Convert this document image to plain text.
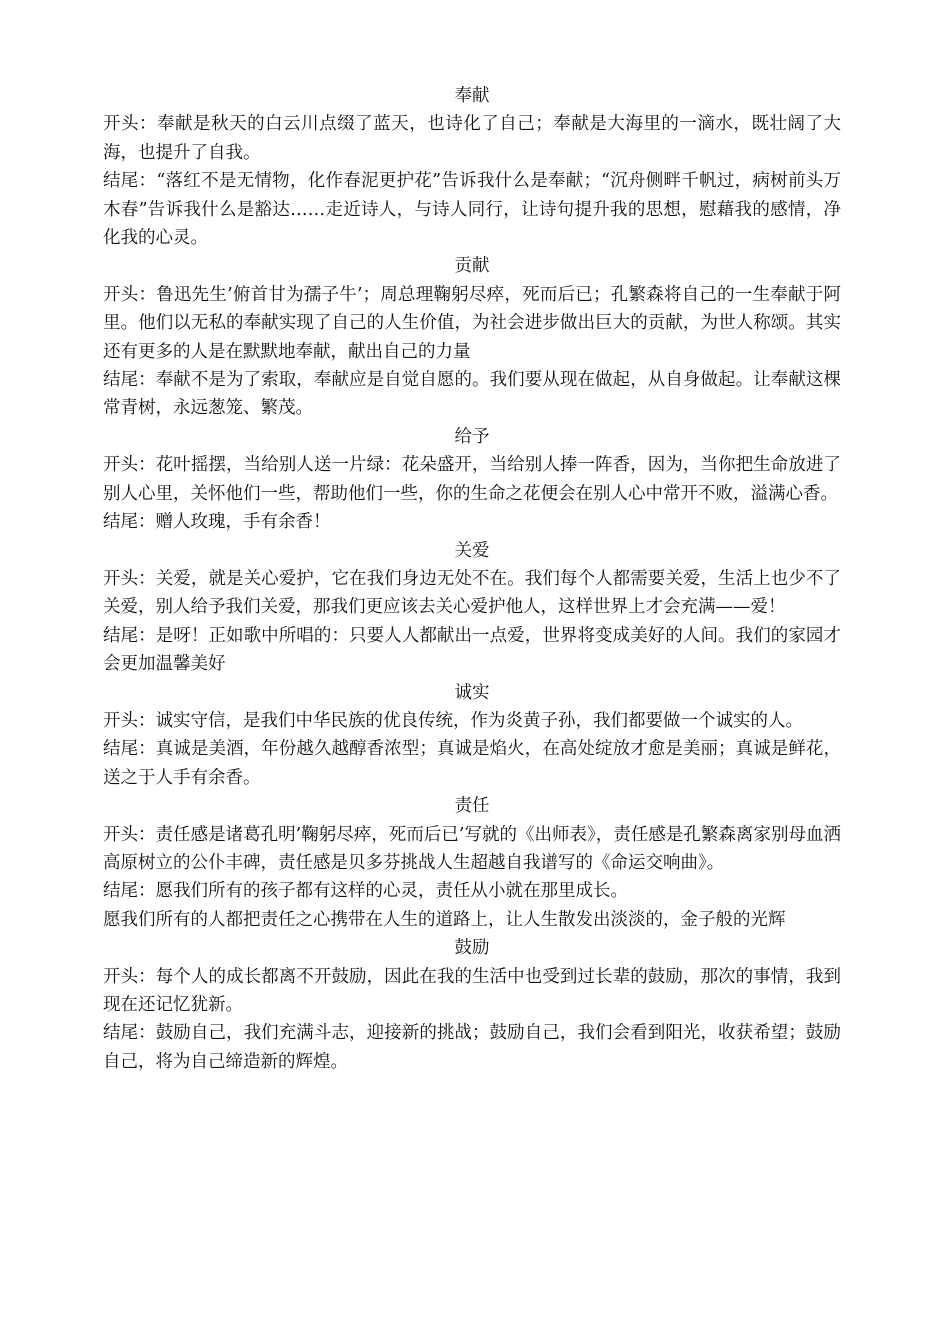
奉献

开头：奉献是秋天的白云川点缀了蓝天，也诗化了自己；奉献是大海里的一滴水，既壮阔了大海，也提升了自我。

结尾：“落红不是无情物，化作春泥更护花”告诉我什么是奉献；“沉舟侧畔千帆过，病树前头万木春”告诉我什么是豁达……走近诗人，与诗人同行，让诗句提升我的思想，慰藉我的感情，净化我的心灵。

贡献

开头：鲁迅先生’俯首甘为孺子牛’；周总理鞠躬尽瘁，死而后已；孔繁森将自己的一生奉献于阿里。他们以无私的奉献实现了自己的人生价值，为社会进步做出巨大的贡献，为世人称颂。其实还有更多的人是在默默地奉献，献出自己的力量

结尾：奉献不是为了索取，奉献应是自觉自愿的。我们要从现在做起，从自身做起。让奉献这棵常青树，永远葱笼、繁茂。

给予

开头：花叶摇摆，当给别人送一片绿：花朵盛开，当给别人捧一阵香，因为，当你把生命放进了别人心里，关怀他们一些，帮助他们一些，你的生命之花便会在别人心中常开不败，溢满心香。

结尾：赠人玫瑰，手有余香！

关爱

开头：关爱，就是关心爱护，它在我们身边无处不在。我们每个人都需要关爱，生活上也少不了关爱，别人给予我们关爱，那我们更应该去关心爱护他人，这样世界上才会充满——爱！

结尾：是呀！正如歌中所唱的：只要人人都献出一点爱，世界将变成美好的人间。我们的家园才会更加温馨美好

诚实

开头：诚实守信，是我们中华民族的优良传统，作为炎黄子孙，我们都要做一个诚实的人。

结尾：真诚是美酒，年份越久越醇香浓型；真诚是焰火，在高处绽放才愈是美丽；真诚是鲜花，送之于人手有余香。

责任

开头：责任感是诸葛孔明’鞠躬尽瘁，死而后已’写就的《出师表》，责任感是孔繁森离家别母血洒高原树立的公仆丰碑，责任感是贝多芬挑战人生超越自我谱写的《命运交响曲》。

结尾：愿我们所有的孩子都有这样的心灵，责任从小就在那里成长。

愿我们所有的人都把责任之心携带在人生的道路上，让人生散发出淡淡的，金子般的光辉

鼓励

开头：每个人的成长都离不开鼓励，因此在我的生活中也受到过长辈的鼓励，那次的事情，我到现在还记忆犹新。

结尾：鼓励自己，我们充满斗志，迎接新的挑战；鼓励自己，我们会看到阳光，收获希望；鼓励自己，将为自己缔造新的辉煌。
